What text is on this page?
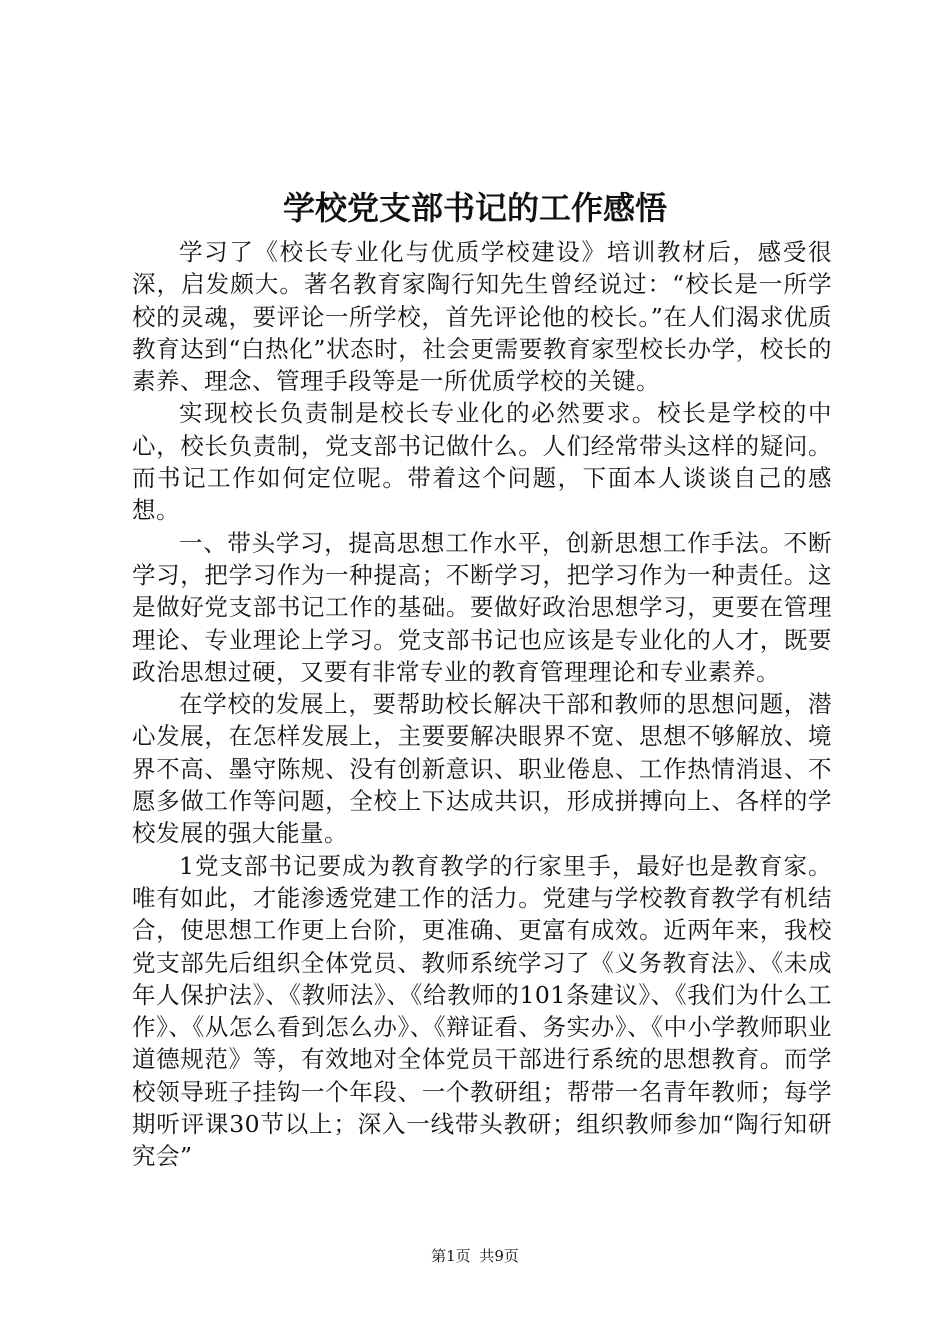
学校党支部书记的工作感悟

学习了《校长专业化与优质学校建设》培训教材后，感受很深，启发颇大。著名教育家陶行知先生曾经说过：“校长是一所学校的灵魂，要评论一所学校，首先评论他的校长。”在人们渴求优质教育达到“白热化”状态时，社会更需要教育家型校长办学，校长的素养、理念、管理手段等是一所优质学校的关键。

实现校长负责制是校长专业化的必然要求。校长是学校的中心，校长负责制，党支部书记做什么。人们经常带头这样的疑问。而书记工作如何定位呢。带着这个问题，下面本人谈谈自己的感想。

一、带头学习，提高思想工作水平，创新思想工作手法。不断学习，把学习作为一种提高；不断学习，把学习作为一种责任。这是做好党支部书记工作的基础。要做好政治思想学习，更要在管理理论、专业理论上学习。党支部书记也应该是专业化的人才，既要政治思想过硬，又要有非常专业的教育管理理论和专业素养。

在学校的发展上，要帮助校长解决干部和教师的思想问题，潜心发展，在怎样发展上，主要要解决眼界不宽、思想不够解放、境界不高、墨守陈规、没有创新意识、职业倦息、工作热情消退、不愿多做工作等问题，全校上下达成共识，形成拼搏向上、各样的学校发展的强大能量。

1党支部书记要成为教育教学的行家里手，最好也是教育家。唯有如此，才能渗透党建工作的活力。党建与学校教育教学有机结合，使思想工作更上台阶，更准确、更富有成效。近两年来，我校党支部先后组织全体党员、教师系统学习了《义务教育法》、《未成年人保护法》、《教师法》、《给教师的101条建议》、《我们为什么工作》、《从怎么看到怎么办》、《辩证看、务实办》、《中小学教师职业道德规范》等，有效地对全体党员干部进行系统的思想教育。而学校领导班子挂钩一个年段、一个教研组；帮带一名青年教师；每学期听评课30节以上；深入一线带头教研；组织教师参加“陶行知研究会”

第1页 共9页
